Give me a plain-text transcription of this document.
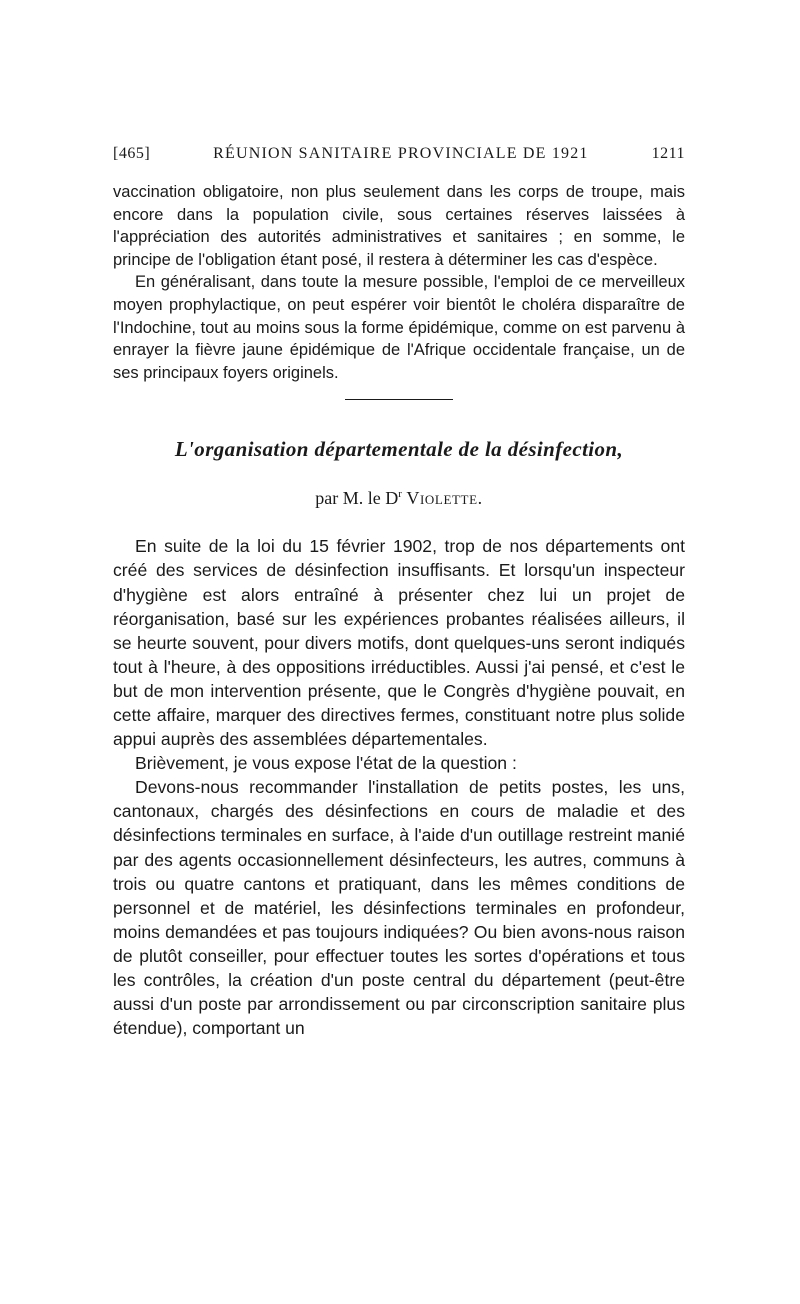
[465]	RÉUNION SANITAIRE PROVINCIALE DE 1921	1211

vaccination obligatoire, non plus seulement dans les corps de troupe, mais encore dans la population civile, sous certaines réserves laissées à l'appréciation des autorités administratives et sanitaires ; en somme, le principe de l'obligation étant posé, il restera à déterminer les cas d'espèce.

En généralisant, dans toute la mesure possible, l'emploi de ce merveilleux moyen prophylactique, on peut espérer voir bientôt le choléra disparaître de l'Indochine, tout au moins sous la forme épidémique, comme on est parvenu à enrayer la fièvre jaune épidémique de l'Afrique occidentale française, un de ses principaux foyers originels.

L'organisation départementale de la désinfection,
par M. le $D^r$ Violette.

En suite de la loi du 15 février 1902, trop de nos départements ont créé des services de désinfection insuffisants. Et lorsqu'un inspecteur d'hygiène est alors entraîné à présenter chez lui un projet de réorganisation, basé sur les expériences probantes réalisées ailleurs, il se heurte souvent, pour divers motifs, dont quelques-uns seront indiqués tout à l'heure, à des oppositions irréductibles. Aussi j'ai pensé, et c'est le but de mon intervention présente, que le Congrès d'hygiène pouvait, en cette affaire, marquer des directives fermes, constituant notre plus solide appui auprès des assemblées départementales.

Brièvement, je vous expose l'état de la question :

Devons-nous recommander l'installation de petits postes, les uns, cantonaux, chargés des désinfections en cours de maladie et des désinfections terminales en surface, à l'aide d'un outillage restreint manié par des agents occasionnellement désinfecteurs, les autres, communs à trois ou quatre cantons et pratiquant, dans les mêmes conditions de personnel et de matériel, les désinfections terminales en profondeur, moins demandées et pas toujours indiquées? Ou bien avons-nous raison de plutôt conseiller, pour effectuer toutes les sortes d'opérations et tous les contrôles, la création d'un poste central du département (peut-être aussi d'un poste par arrondissement ou par circonscription sanitaire plus étendue), comportant un
